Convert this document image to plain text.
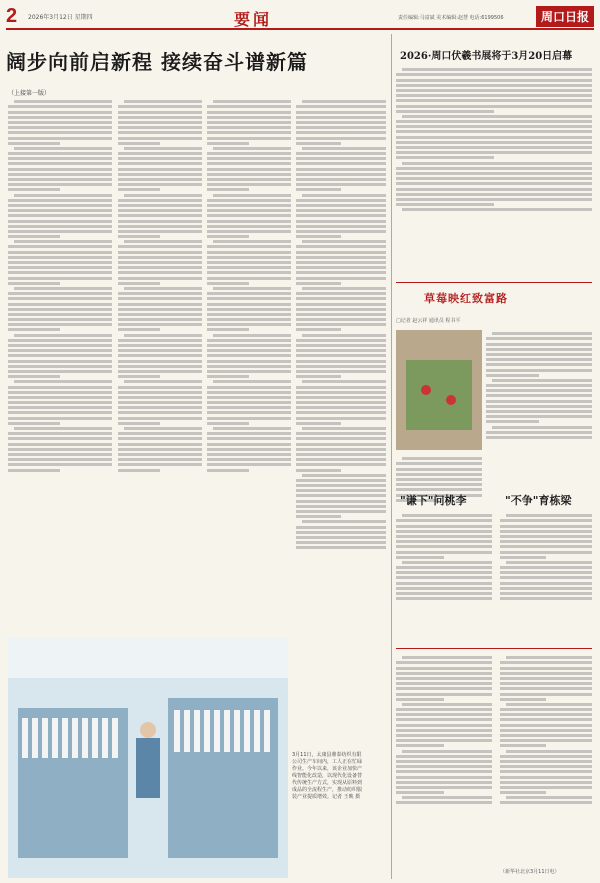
2 2026年3月12日 星期四	要闻	责任编辑:马富斌 美术编辑:赵慧 电话:6199506	周口日报
阔步向前启新程 接续奋斗谱新篇
（上接第一版）
3月11日，太康县鼎泰纺织有限公司生产车间内，工人正在忙碌作业。今年以来，该企业加快产线智能化改造，以现代化设备替代传统生产方式，实现从原料到成品的全流程生产，推动纺织服装产业提质增效。记者 王映 摄
2026·周口伏羲书展将于3月20日启幕
草莓映红致富路
□记者 赵云祥 通讯员 程书平
"谦下"问桃李	"不争"育栋梁
（新华社北京3月11日电）
